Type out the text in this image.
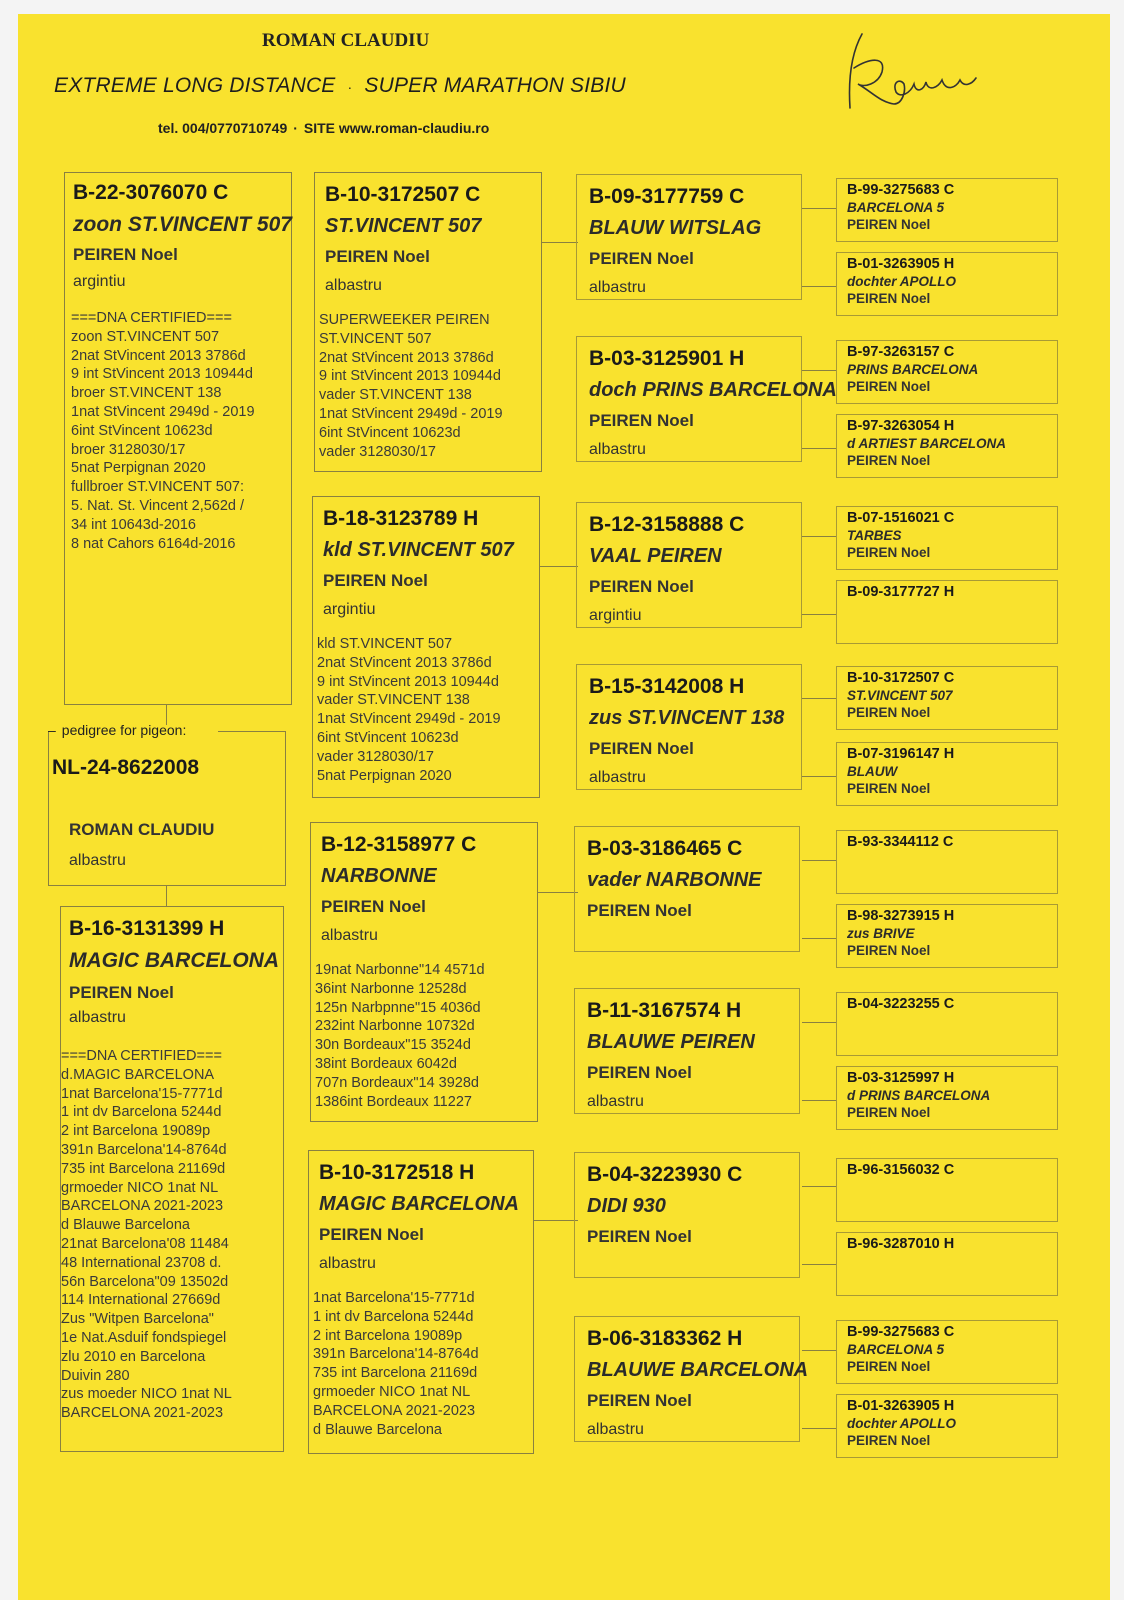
ROMAN CLAUDIU
EXTREME LONG DISTANCE · SUPER MARATHON SIBIU
tel. 004/0770710749 · SITE www.roman-claudiu.ro
– pedigree for pigeon:
NL-24-8622008
ROMAN CLAUDIU
albastru
B-22-3076070 C
zoon ST.VINCENT 507
PEIREN Noel
argintiu
===DNA CERTIFIED===
zoon ST.VINCENT 507
2nat StVincent 2013 3786d
9 int StVincent 2013 10944d
broer ST.VINCENT 138
1nat StVincent 2949d - 2019
6int StVincent 10623d
broer 3128030/17
5nat Perpignan 2020
fullbroer ST.VINCENT 507:
5. Nat. St. Vincent 2,562d /
34 int 10643d-2016
8 nat Cahors 6164d-2016
B-16-3131399 H
MAGIC BARCELONA
PEIREN Noel
albastru
===DNA CERTIFIED===
d.MAGIC BARCELONA
1nat Barcelona'15-7771d
1 int dv Barcelona 5244d
2 int Barcelona 19089p
391n Barcelona'14-8764d
735 int Barcelona 21169d
grmoeder NICO 1nat NL
BARCELONA 2021-2023
d Blauwe Barcelona
21nat Barcelona'08 11484
48 International 23708 d.
56n Barcelona"09 13502d
114 International 27669d
Zus "Witpen Barcelona"
1e Nat.Asduif fondspiegel
zlu 2010 en Barcelona
Duivin 280
zus moeder NICO 1nat NL
BARCELONA 2021-2023
B-10-3172507 C
ST.VINCENT 507
PEIREN Noel
albastru
SUPERWEEKER PEIREN
ST.VINCENT 507
2nat StVincent 2013 3786d
9 int StVincent 2013 10944d
vader ST.VINCENT 138
1nat StVincent 2949d - 2019
6int StVincent 10623d
vader 3128030/17
B-18-3123789 H
kld ST.VINCENT 507
PEIREN Noel
argintiu
kld ST.VINCENT 507
2nat StVincent 2013 3786d
9 int StVincent 2013 10944d
vader ST.VINCENT 138
1nat StVincent 2949d - 2019
6int StVincent 10623d
vader 3128030/17
5nat Perpignan 2020
B-12-3158977 C
NARBONNE
PEIREN Noel
albastru
19nat Narbonne"14 4571d
36int Narbonne 12528d
125n Narbpnne"15 4036d
232int Narbonne 10732d
30n Bordeaux"15 3524d
38int Bordeaux 6042d
707n Bordeaux"14 3928d
1386int Bordeaux 11227
B-10-3172518 H
MAGIC BARCELONA
PEIREN Noel
albastru
1nat Barcelona'15-7771d
1 int dv Barcelona 5244d
2 int Barcelona 19089p
391n Barcelona'14-8764d
735 int Barcelona 21169d
grmoeder NICO 1nat NL
BARCELONA 2021-2023
d Blauwe Barcelona
B-09-3177759 C
BLAUW WITSLAG
PEIREN Noel
albastru
B-03-3125901 H
doch PRINS BARCELONA
PEIREN Noel
albastru
B-12-3158888 C
VAAL PEIREN
PEIREN Noel
argintiu
B-15-3142008 H
zus ST.VINCENT 138
PEIREN Noel
albastru
B-03-3186465 C
vader NARBONNE
PEIREN Noel
B-11-3167574 H
BLAUWE PEIREN
PEIREN Noel
albastru
B-04-3223930 C
DIDI 930
PEIREN Noel
B-06-3183362 H
BLAUWE BARCELONA
PEIREN Noel
albastru
B-99-3275683 C
BARCELONA 5
PEIREN Noel
B-01-3263905 H
dochter APOLLO
PEIREN Noel
B-97-3263157 C
PRINS BARCELONA
PEIREN Noel
B-97-3263054 H
d ARTIEST BARCELONA
PEIREN Noel
B-07-1516021 C
TARBES
PEIREN Noel
B-09-3177727 H
B-10-3172507 C
ST.VINCENT 507
PEIREN Noel
B-07-3196147 H
BLAUW
PEIREN Noel
B-93-3344112 C
B-98-3273915 H
zus BRIVE
PEIREN Noel
B-04-3223255 C
B-03-3125997 H
d PRINS BARCELONA
PEIREN Noel
B-96-3156032 C
B-96-3287010 H
B-99-3275683 C
BARCELONA 5
PEIREN Noel
B-01-3263905 H
dochter APOLLO
PEIREN Noel
